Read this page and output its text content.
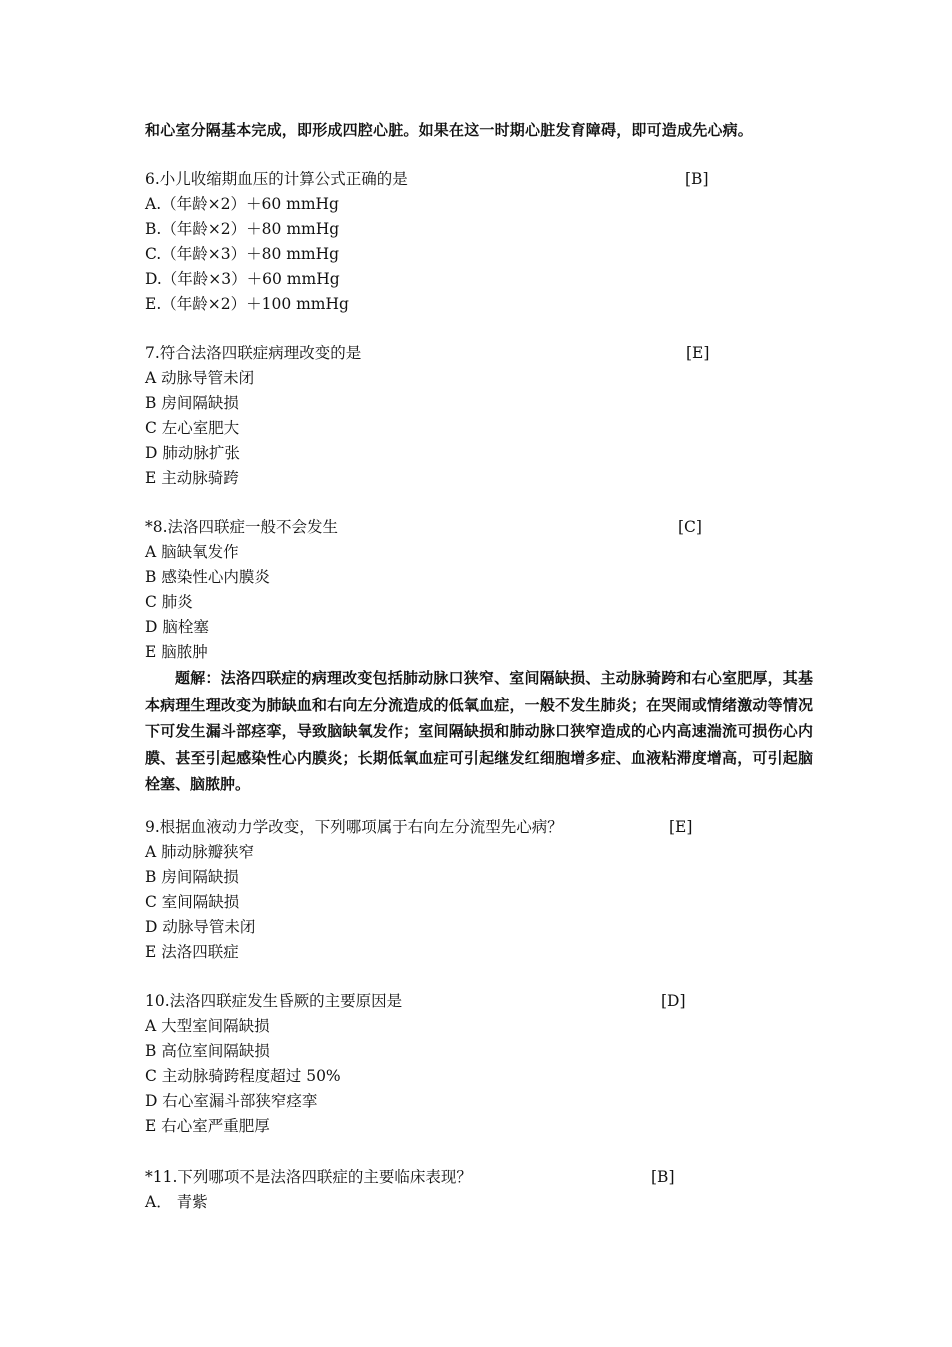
和心室分隔基本完成，即形成四腔心脏。如果在这一时期心脏发育障碍，即可造成先心病。
6.小儿收缩期血压的计算公式正确的是	[B]
A.（年龄×2）＋60 mmHg
B.（年龄×2）＋80 mmHg
C.（年龄×3）＋80 mmHg
D.（年龄×3）＋60 mmHg
E.（年龄×2）＋100 mmHg
7.符合法洛四联症病理改变的是	[E]
A 动脉导管未闭
B 房间隔缺损
C 左心室肥大
D 肺动脉扩张
E 主动脉骑跨
*8.法洛四联症一般不会发生	[C]
A 脑缺氧发作
B 感染性心内膜炎
C 肺炎
D 脑栓塞
E 脑脓肿
题解：法洛四联症的病理改变包括肺动脉口狭窄、室间隔缺损、主动脉骑跨和右心室肥厚，其基本病理生理改变为肺缺血和右向左分流造成的低氧血症，一般不发生肺炎；在哭闹或情绪激动等情况下可发生漏斗部痉挛，导致脑缺氧发作；室间隔缺损和肺动脉口狭窄造成的心内高速湍流可损伤心内膜、甚至引起感染性心内膜炎；长期低氧血症可引起继发红细胞增多症、血液粘滞度增高，可引起脑栓塞、脑脓肿。
9.根据血液动力学改变，下列哪项属于右向左分流型先心病？	[E]
A 肺动脉瓣狭窄
B 房间隔缺损
C 室间隔缺损
D 动脉导管未闭
E 法洛四联症
10.法洛四联症发生昏厥的主要原因是	[D]
A 大型室间隔缺损
B 高位室间隔缺损
C 主动脉骑跨程度超过 50%
D 右心室漏斗部狭窄痉挛
E 右心室严重肥厚
*11.下列哪项不是法洛四联症的主要临床表现？	[B]
A． 青紫
